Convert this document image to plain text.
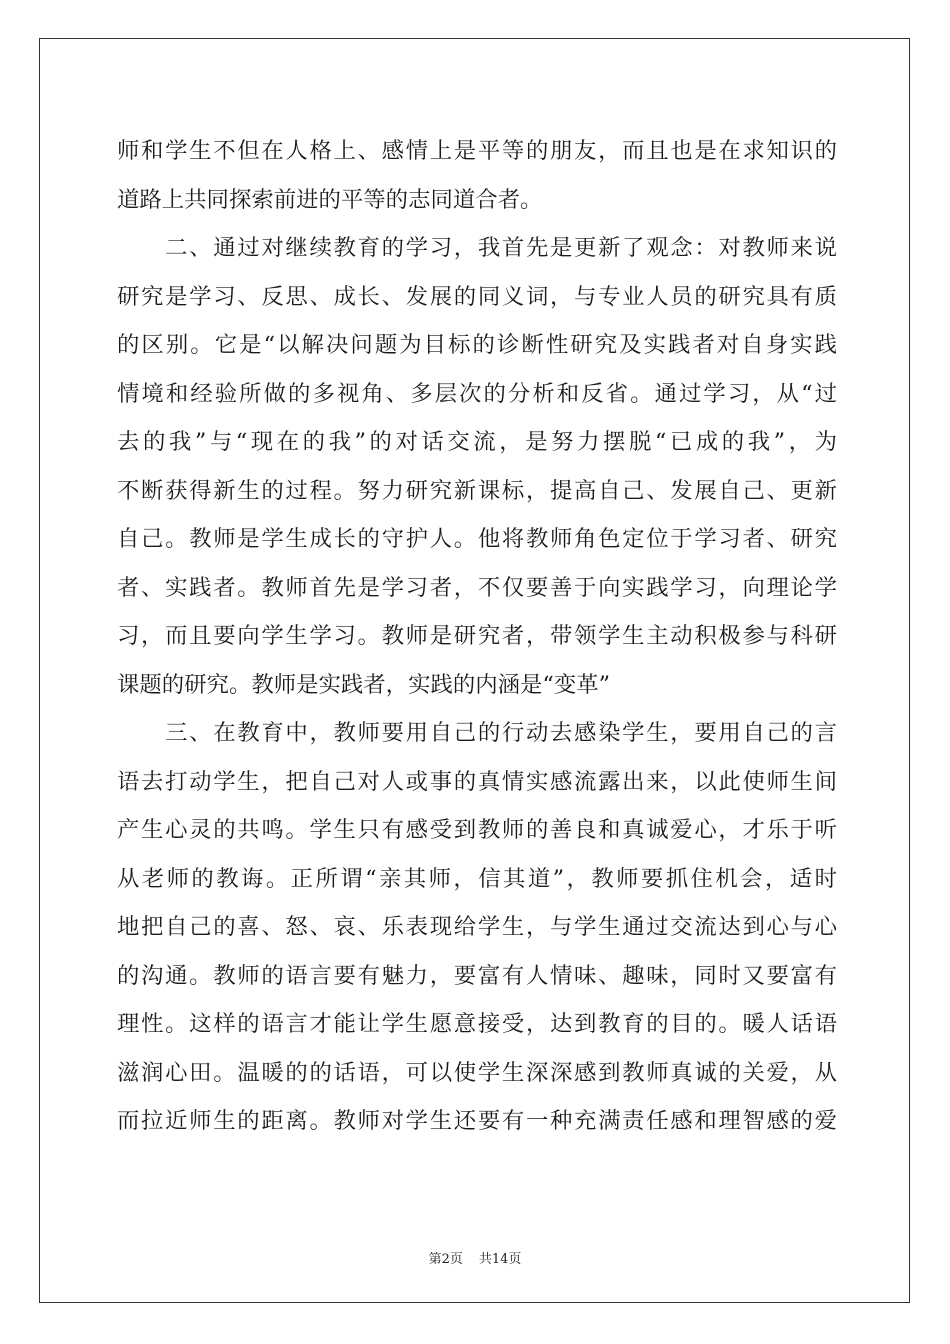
师和学生不但在人格上、感情上是平等的朋友，而且也是在求知识的
道路上共同探索前进的平等的志同道合者。
　　二、通过对继续教育的学习，我首先是更新了观念：对教师来说
研究是学习、反思、成长、发展的同义词，与专业人员的研究具有质
的区别。它是“以解决问题为目标的诊断性研究及实践者对自身实践
情境和经验所做的多视角、多层次的分析和反省。通过学习，从“过
去的我”与“现在的我”的对话交流，是努力摆脱“已成的我”，为
不断获得新生的过程。努力研究新课标，提高自己、发展自己、更新
自己。教师是学生成长的守护人。他将教师角色定位于学习者、研究
者、实践者。教师首先是学习者，不仅要善于向实践学习，向理论学
习，而且要向学生学习。教师是研究者，带领学生主动积极参与科研
课题的研究。教师是实践者，实践的内涵是“变革”
　　三、在教育中，教师要用自己的行动去感染学生，要用自己的言
语去打动学生，把自己对人或事的真情实感流露出来，以此使师生间
产生心灵的共鸣。学生只有感受到教师的善良和真诚爱心，才乐于听
从老师的教诲。正所谓“亲其师，信其道”，教师要抓住机会，适时
地把自己的喜、怒、哀、乐表现给学生，与学生通过交流达到心与心
的沟通。教师的语言要有魅力，要富有人情味、趣味，同时又要富有
理性。这样的语言才能让学生愿意接受，达到教育的目的。暖人话语
滋润心田。温暖的的话语，可以使学生深深感到教师真诚的关爱，从
而拉近师生的距离。教师对学生还要有一种充满责任感和理智感的爱
第2页 共14页
